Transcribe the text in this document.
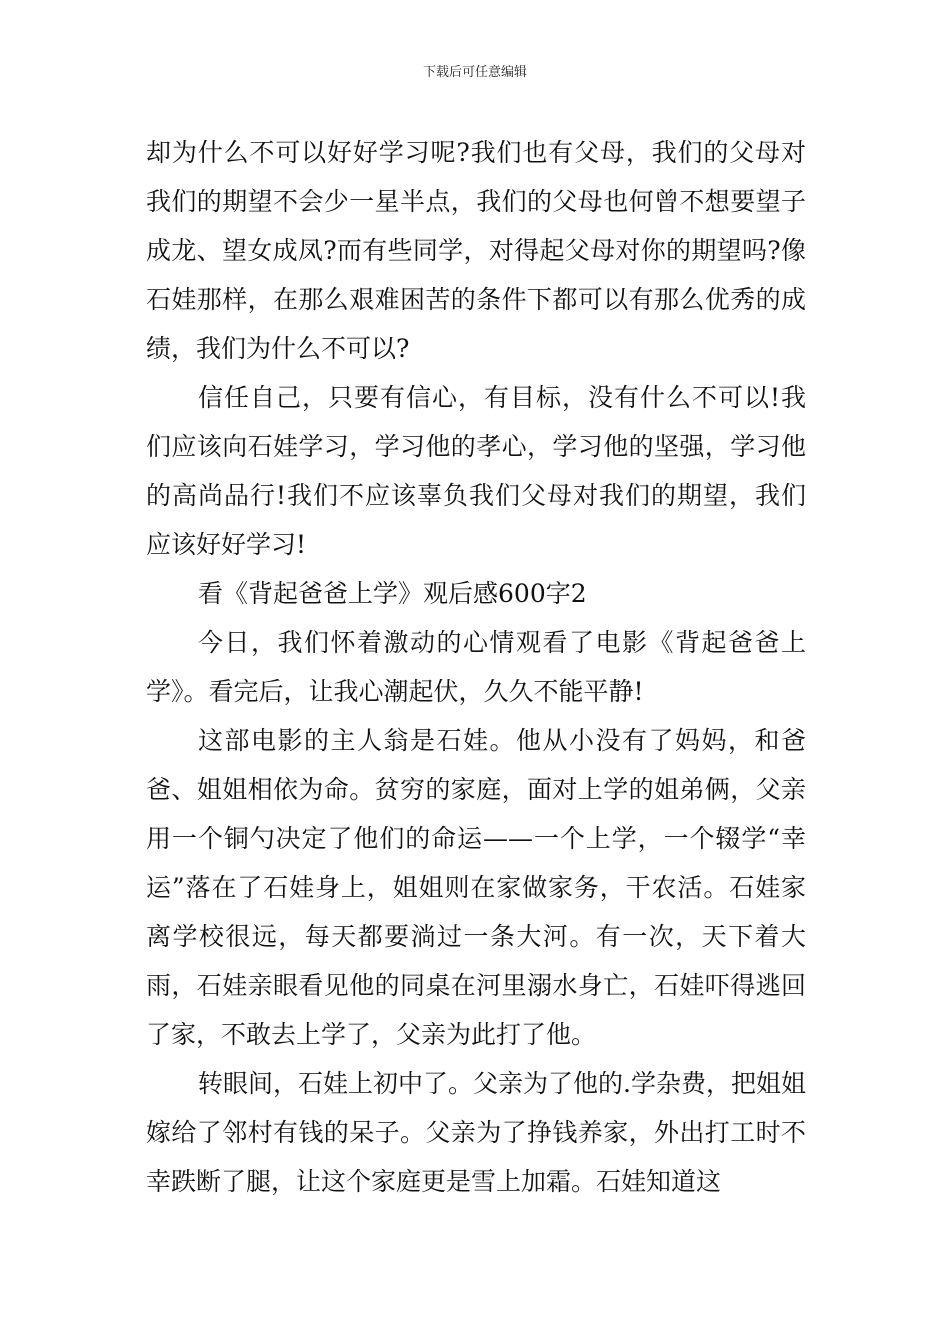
下载后可任意编辑

却为什么不可以好好学习呢?我们也有父母，我们的父母对我们的期望不会少一星半点，我们的父母也何曾不想要望子成龙、望女成凤?而有些同学，对得起父母对你的期望吗?像石娃那样，在那么艰难困苦的条件下都可以有那么优秀的成绩，我们为什么不可以?

信任自己，只要有信心，有目标，没有什么不可以!我们应该向石娃学习，学习他的孝心，学习他的坚强，学习他的高尚品行!我们不应该辜负我们父母对我们的期望，我们应该好好学习!

看《背起爸爸上学》观后感600字2

今日，我们怀着激动的心情观看了电影《背起爸爸上学》。看完后，让我心潮起伏，久久不能平静!

这部电影的主人翁是石娃。他从小没有了妈妈，和爸爸、姐姐相依为命。贫穷的家庭，面对上学的姐弟俩，父亲用一个铜勺决定了他们的命运——一个上学，一个辍学“幸运”落在了石娃身上，姐姐则在家做家务，干农活。石娃家离学校很远，每天都要淌过一条大河。有一次，天下着大雨，石娃亲眼看见他的同桌在河里溺水身亡，石娃吓得逃回了家，不敢去上学了，父亲为此打了他。

转眼间，石娃上初中了。父亲为了他的.学杂费，把姐姐嫁给了邻村有钱的呆子。父亲为了挣钱养家，外出打工时不幸跌断了腿，让这个家庭更是雪上加霜。石娃知道这
